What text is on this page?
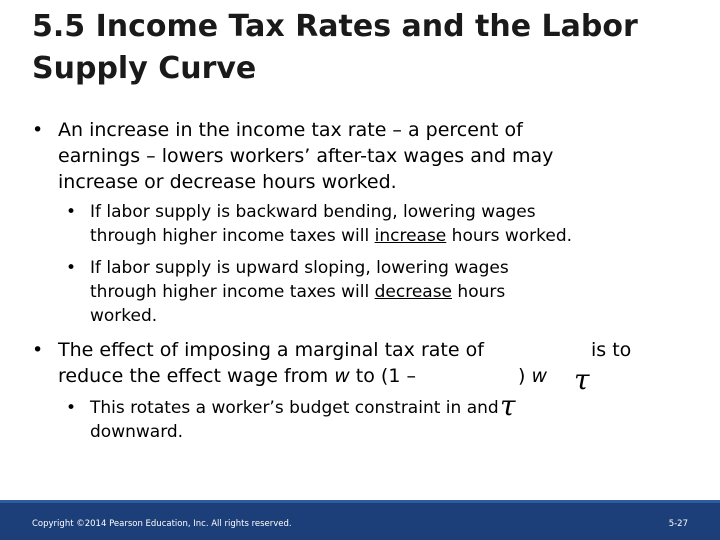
5.5 Income Tax Rates and the Labor Supply Curve
• An increase in the income tax rate – a percent of
earnings – lowers workers’ after-tax wages and may
increase or decrease hours worked.
• If labor supply is backward bending, lowering wages
through higher income taxes will increase hours worked.
• If labor supply is upward sloping, lowering wages
through higher income taxes will decrease hours
worked.
• The effect of imposing a marginal tax rate of	is to
reduce the effect wage from w to (1 –	) w τ
τ
• This rotates a worker’s budget constraint in and
downward.
Copyright ©2014 Pearson Education, Inc. All rights reserved.	5-27
